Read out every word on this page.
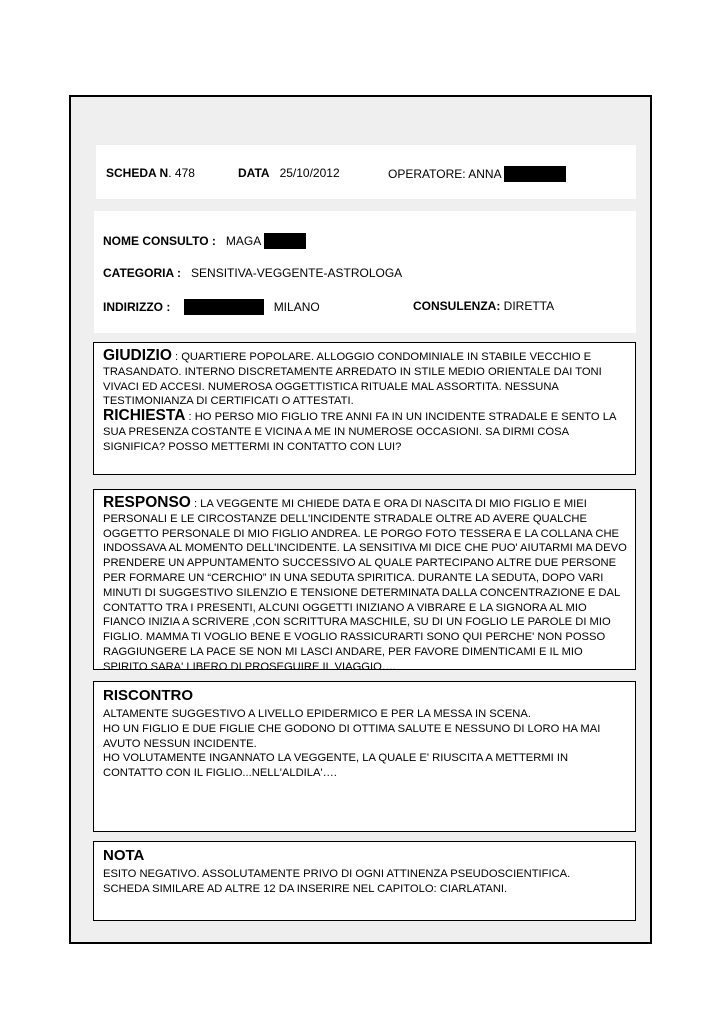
SCHEDA N. 478	DATA 25/10/2012	OPERATORE: ANNA
NOME CONSULTO : MAGA
CATEGORIA : SENSITIVA-VEGGENTE-ASTROLOGA
INDIRIZZO :	MILANO	CONSULENZA: DIRETTA

GIUDIZIO : QUARTIERE POPOLARE. ALLOGGIO CONDOMINIALE IN STABILE VECCHIO E TRASANDATO. INTERNO DISCRETAMENTE ARREDATO IN STILE MEDIO ORIENTALE DAI TONI VIVACI ED ACCESI. NUMEROSA OGGETTISTICA RITUALE MAL ASSORTITA. NESSUNA TESTIMONIANZA DI CERTIFICATI O ATTESTATI.

RICHIESTA : HO PERSO MIO FIGLIO TRE ANNI FA IN UN INCIDENTE STRADALE E SENTO LA SUA PRESENZA COSTANTE E VICINA A ME IN NUMEROSE OCCASIONI. SA DIRMI COSA SIGNIFICA? POSSO METTERMI IN CONTATTO CON LUI?

RESPONSO : LA VEGGENTE MI CHIEDE DATA E ORA DI NASCITA DI MIO FIGLIO E MIEI PERSONALI E LE CIRCOSTANZE DELL'INCIDENTE STRADALE OLTRE AD AVERE QUALCHE OGGETTO PERSONALE DI MIO FIGLIO ANDREA. LE PORGO FOTO TESSERA E LA COLLANA CHE INDOSSAVA AL MOMENTO DELL'INCIDENTE. LA SENSITIVA MI DICE CHE PUO' AIUTARMI MA DEVO PRENDERE UN APPUNTAMENTO SUCCESSIVO AL QUALE PARTECIPANO ALTRE DUE PERSONE PER FORMARE UN “CERCHIO” IN UNA SEDUTA SPIRITICA. DURANTE LA SEDUTA, DOPO VARI MINUTI DI SUGGESTIVO SILENZIO E TENSIONE DETERMINATA DALLA CONCENTRAZIONE E DAL CONTATTO TRA I PRESENTI, ALCUNI OGGETTI INIZIANO A VIBRARE E LA SIGNORA AL MIO FIANCO INIZIA A SCRIVERE ,CON SCRITTURA MASCHILE, SU DI UN FOGLIO LE PAROLE DI MIO FIGLIO. MAMMA TI VOGLIO BENE E VOGLIO RASSICURARTI SONO QUI PERCHE' NON POSSO RAGGIUNGERE LA PACE SE NON MI LASCI ANDARE, PER FAVORE DIMENTICAMI E IL MIO SPIRITO SARA' LIBERO DI PROSEGUIRE IL VIAGGIO….

RISCONTRO

ALTAMENTE SUGGESTIVO A LIVELLO EPIDERMICO E PER LA MESSA IN SCENA.

HO UN FIGLIO E DUE FIGLIE CHE GODONO DI OTTIMA SALUTE E NESSUNO DI LORO HA MAI AVUTO NESSUN INCIDENTE.

HO VOLUTAMENTE INGANNATO LA VEGGENTE, LA QUALE E' RIUSCITA A METTERMI IN CONTATTO CON IL FIGLIO...NELL'ALDILA'….

NOTA

ESITO NEGATIVO. ASSOLUTAMENTE PRIVO DI OGNI ATTINENZA PSEUDOSCIENTIFICA.

SCHEDA SIMILARE AD ALTRE 12 DA INSERIRE NEL CAPITOLO: CIARLATANI.
